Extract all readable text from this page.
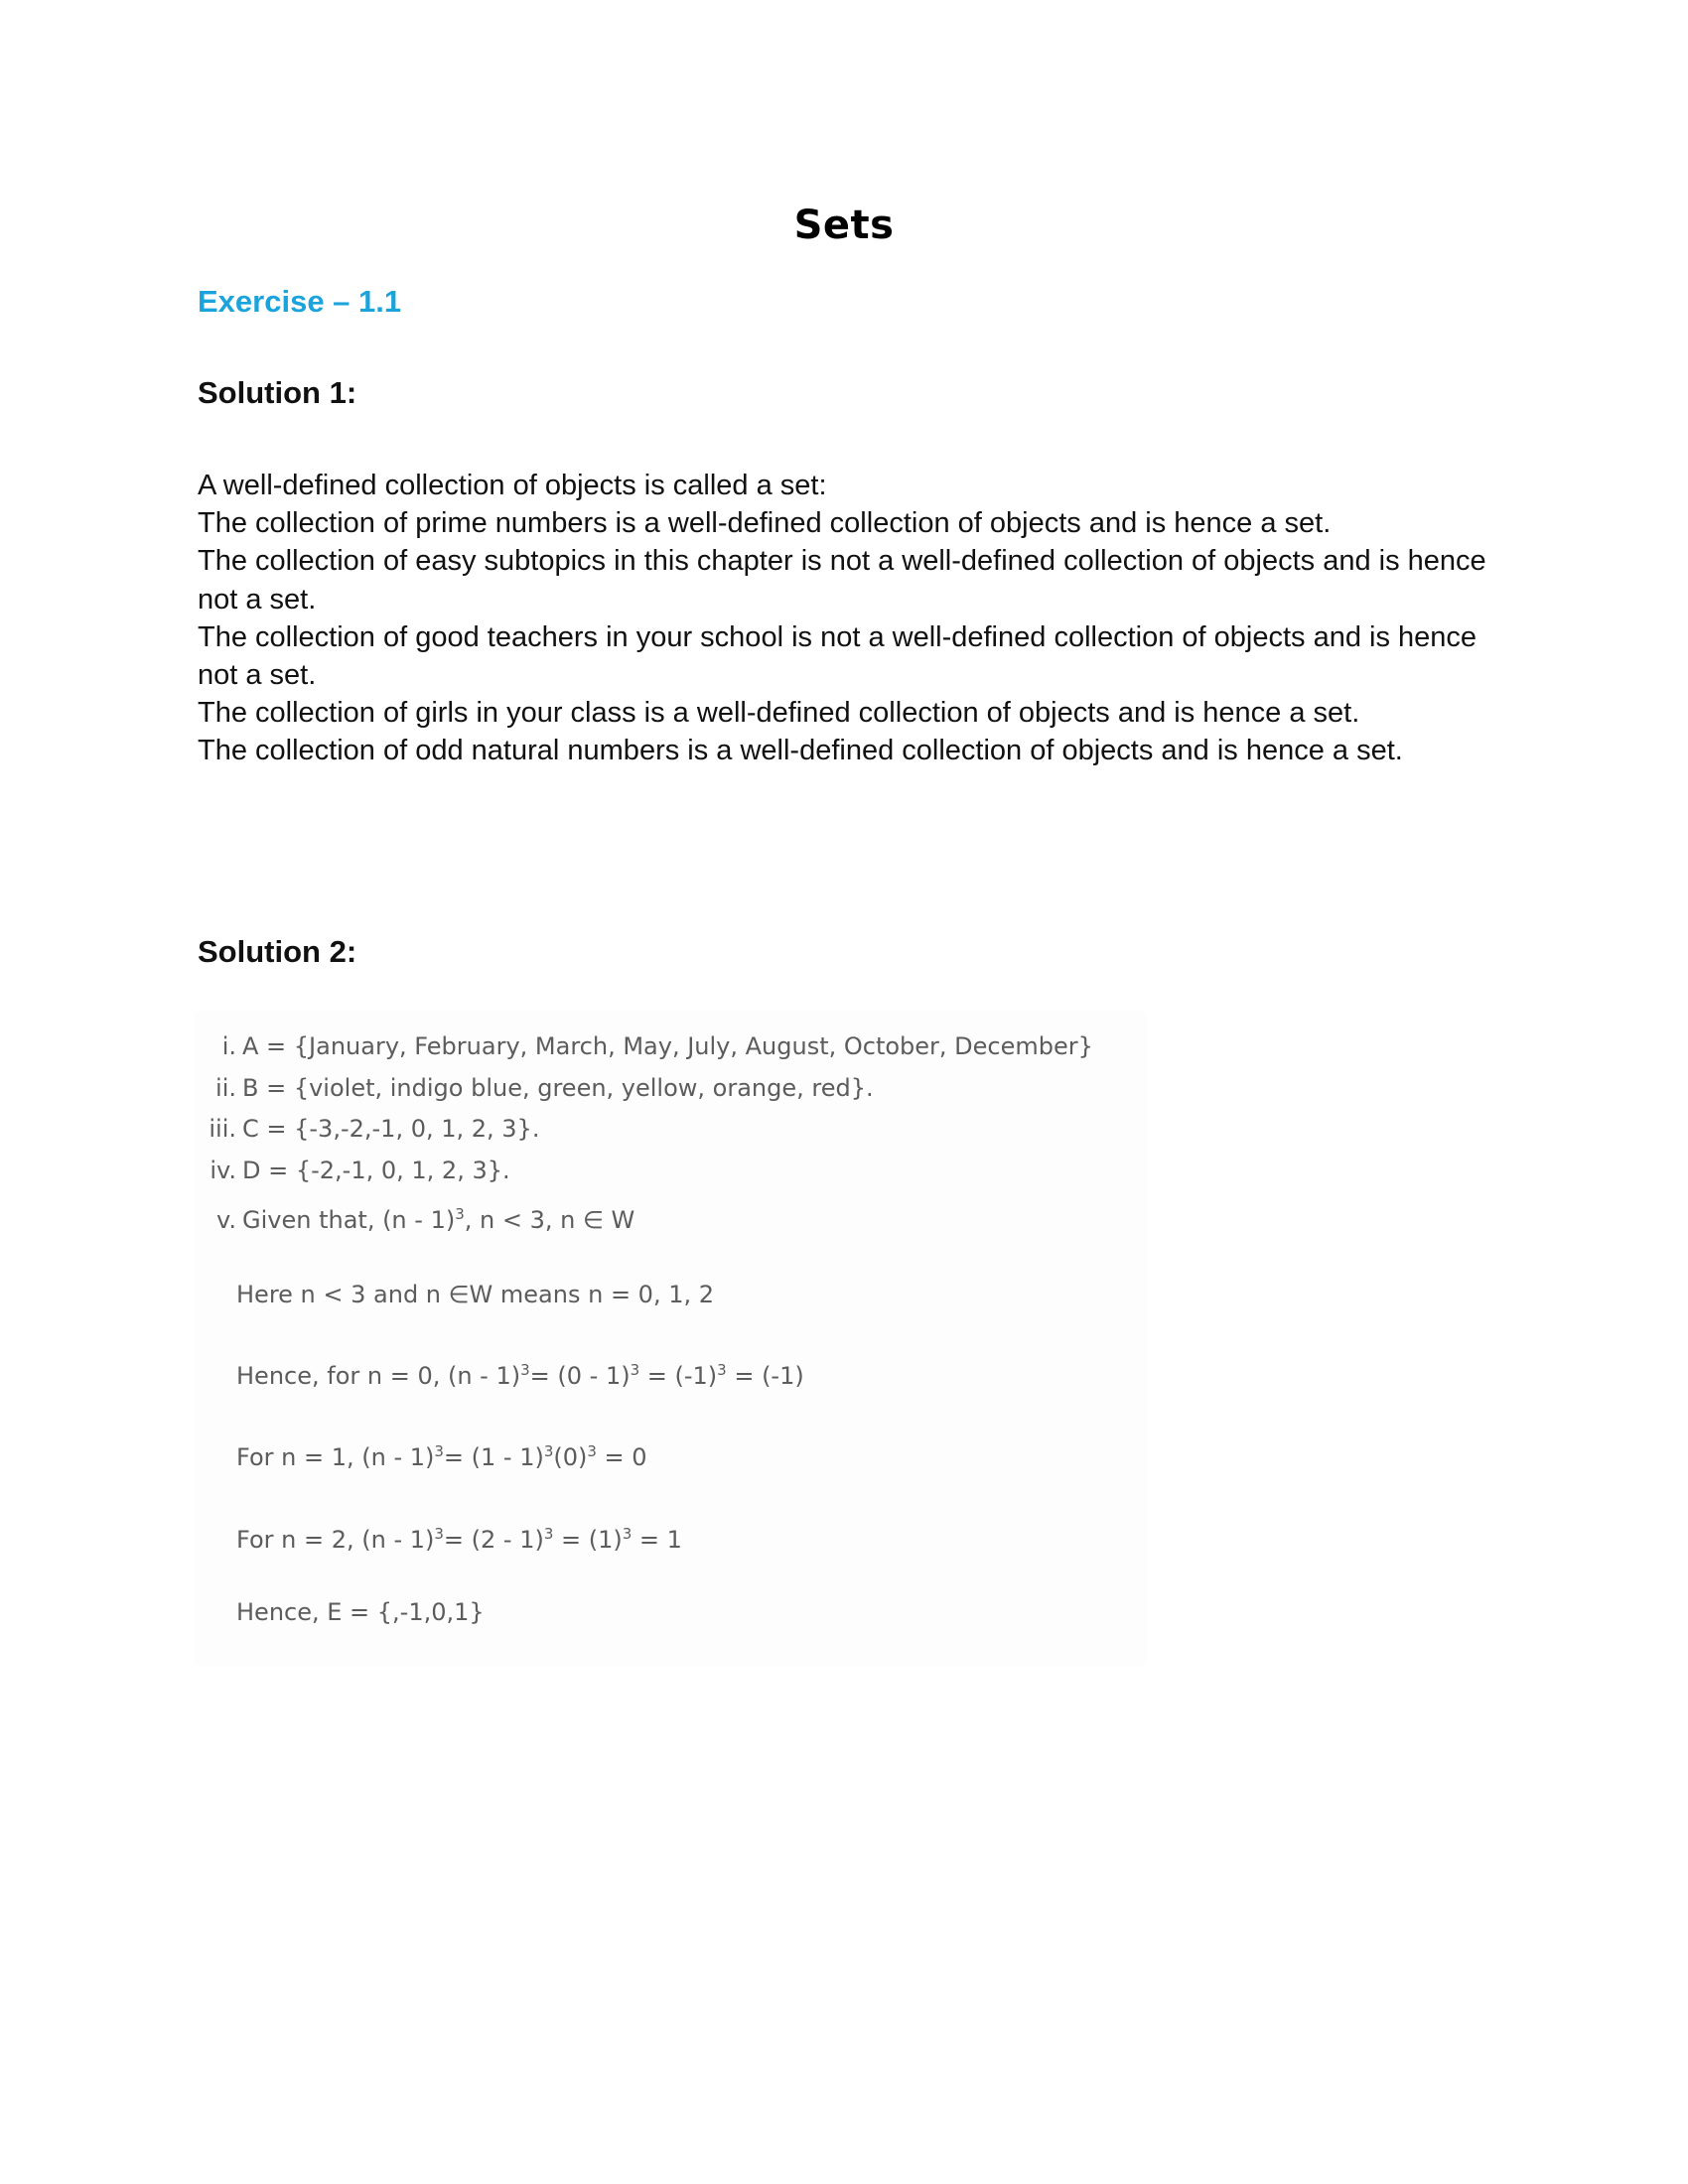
Sets
Exercise – 1.1
Solution 1:

A well-defined collection of objects is called a set:

The collection of prime numbers is a well-defined collection of objects and is hence a set.

The collection of easy subtopics in this chapter is not a well-defined collection of objects and is hence not a set.

The collection of good teachers in your school is not a well-defined collection of objects and is hence not a set.

The collection of girls in your class is a well-defined collection of objects and is hence a set.

The collection of odd natural numbers is a well-defined collection of objects and is hence a set.

Solution 2:
i. A = {January, February, March, May, July, August, October, December}
ii. B = {violet, indigo blue, green, yellow, orange, red}.
iii. C = {-3,-2,-1, 0, 1, 2, 3}.
iv. D = {-2,-1, 0, 1, 2, 3}.
v. Given that, (n - 1)$^3$, n < 3, n ∈ W
Here n < 3 and n ∈W means n = 0, 1, 2
Hence, for n = 0, $(n - 1)^3= (0 - 1)^3 = (-1)^3 = (-1)$
For n = 1, $(n - 1)^3= (1 - 1)^3(0)^3 = 0$
For n = 2, $(n - 1)^3= (2 - 1)^3 = (1)^3 = 1$
Hence, E = {,-1,0,1}
